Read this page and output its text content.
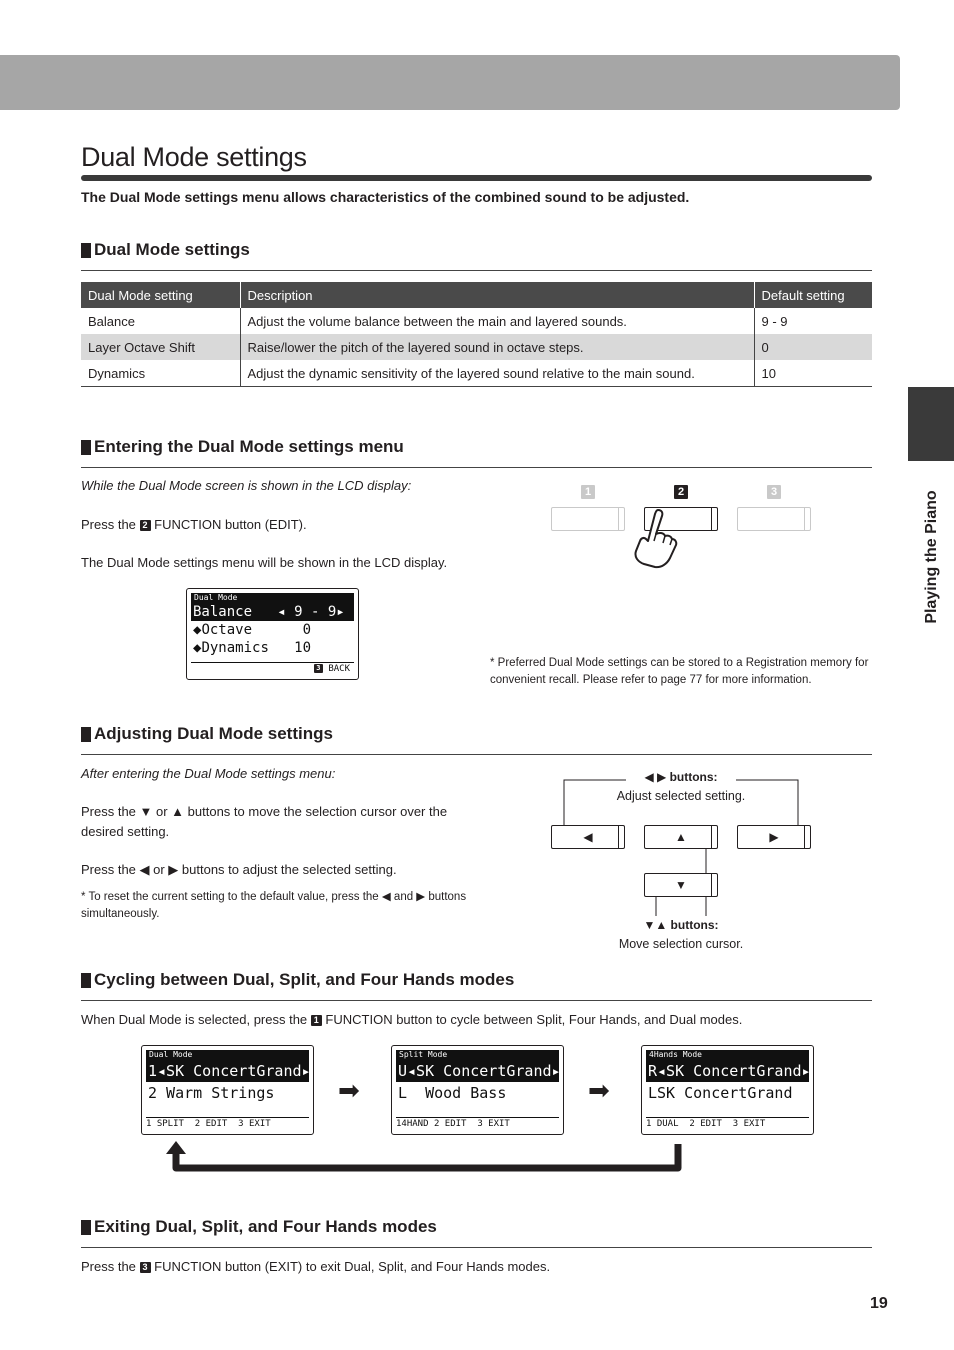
Playing the Piano
Dual Mode settings
The Dual Mode settings menu allows characteristics of the combined sound to be adjusted.
Dual Mode settings
Dual Mode setting	Description	Default setting
Balance	Adjust the volume balance between the main and layered sounds.	9 - 9
Layer Octave Shift	Raise/lower the pitch of the layered sound in octave steps.	0
Dynamics	Adjust the dynamic sensitivity of the layered sound relative to the main sound.	10
Entering the Dual Mode settings menu
While the Dual Mode screen is shown in the LCD display:
Press the 2 FUNCTION button (EDIT).
The Dual Mode settings menu will be shown in the LCD display.
Dual Mode
Balance   ◂ 9 - 9▸
◆Octave      0
◆Dynamics   10
3 BACK
1	2	3
* Preferred Dual Mode settings can be stored to a Registration memory for convenient recall. Please refer to page 77 for more information.
Adjusting Dual Mode settings
After entering the Dual Mode settings menu:
Press the ▼ or ▲ buttons to move the selection cursor over the desired setting.
Press the ◀ or ▶ buttons to adjust the selected setting.
* To reset the current setting to the default value, press the ◀ and ▶ buttons simultaneously.
◀ ▶ buttons:
Adjust selected setting.
◀	▲	▶
▼
▼▲ buttons:
Move selection cursor.
Cycling between Dual, Split, and Four Hands modes
When Dual Mode is selected, press the 1 FUNCTION button to cycle between Split, Four Hands, and Dual modes.
Dual Mode
1◂SK ConcertGrand▸
2 Warm Strings
1 SPLIT 2 EDIT 3 EXIT
➡
Split Mode
U◂SK ConcertGrand▸
L  Wood Bass
14HAND 2 EDIT 3 EXIT
➡
4Hands Mode
R◂SK ConcertGrand▸
LSK ConcertGrand
1 DUAL 2 EDIT 3 EXIT
Exiting Dual, Split, and Four Hands modes
Press the 3 FUNCTION button (EXIT) to exit Dual, Split, and Four Hands modes.
19
